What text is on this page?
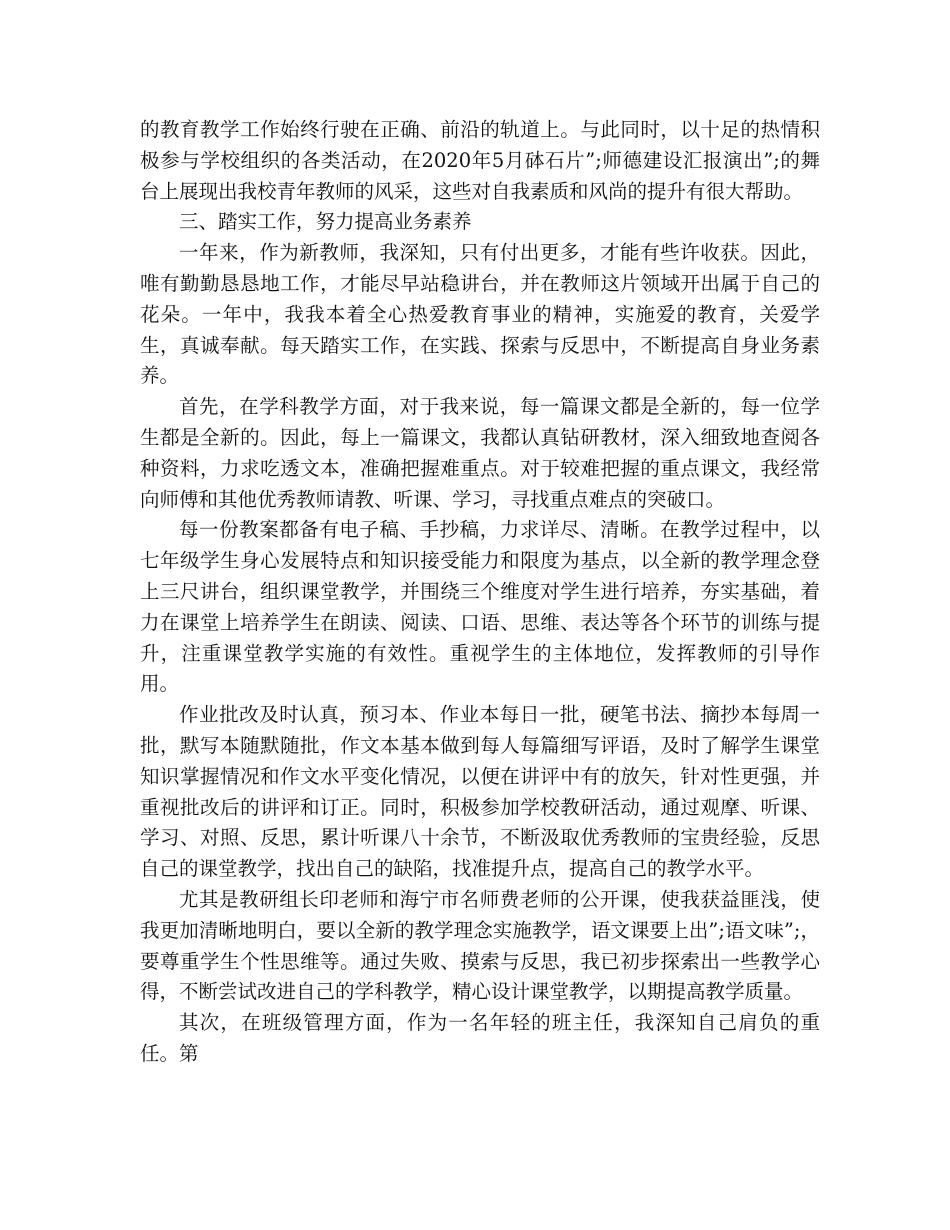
的教育教学工作始终行驶在正确、前沿的轨道上。与此同时，以十足的热情积极参与学校组织的各类活动，在2020年5月砵石片”;师德建设汇报演出”;的舞台上展现出我校青年教师的风采，这些对自我素质和风尚的提升有很大帮助。

三、踏实工作，努力提高业务素养

一年来，作为新教师，我深知，只有付出更多，才能有些许收获。因此，唯有勤勤恳恳地工作，才能尽早站稳讲台，并在教师这片领域开出属于自己的花朵。一年中，我我本着全心热爱教育事业的精神，实施爱的教育，关爱学生，真诚奉献。每天踏实工作，在实践、探索与反思中，不断提高自身业务素养。

首先，在学科教学方面，对于我来说，每一篇课文都是全新的，每一位学生都是全新的。因此，每上一篇课文，我都认真钻研教材，深入细致地查阅各种资料，力求吃透文本，准确把握难重点。对于较难把握的重点课文，我经常向师傅和其他优秀教师请教、听课、学习，寻找重点难点的突破口。

每一份教案都备有电子稿、手抄稿，力求详尽、清晰。在教学过程中，以七年级学生身心发展特点和知识接受能力和限度为基点，以全新的教学理念登上三尺讲台，组织课堂教学，并围绕三个维度对学生进行培养，夯实基础，着力在课堂上培养学生在朗读、阅读、口语、思维、表达等各个环节的训练与提升，注重课堂教学实施的有效性。重视学生的主体地位，发挥教师的引导作用。

作业批改及时认真，预习本、作业本每日一批，硬笔书法、摘抄本每周一批，默写本随默随批，作文本基本做到每人每篇细写评语，及时了解学生课堂知识掌握情况和作文水平变化情况，以便在讲评中有的放矢，针对性更强，并重视批改后的讲评和订正。同时，积极参加学校教研活动，通过观摩、听课、学习、对照、反思，累计听课八十余节，不断汲取优秀教师的宝贵经验，反思自己的课堂教学，找出自己的缺陷，找准提升点，提高自己的教学水平。

尤其是教研组长印老师和海宁市名师费老师的公开课，使我获益匪浅，使我更加清晰地明白，要以全新的教学理念实施教学，语文课要上出”;语文味”;，要尊重学生个性思维等。通过失败、摸索与反思，我已初步探索出一些教学心得，不断尝试改进自己的学科教学，精心设计课堂教学，以期提高教学质量。

其次，在班级管理方面，作为一名年轻的班主任，我深知自己肩负的重任。第
